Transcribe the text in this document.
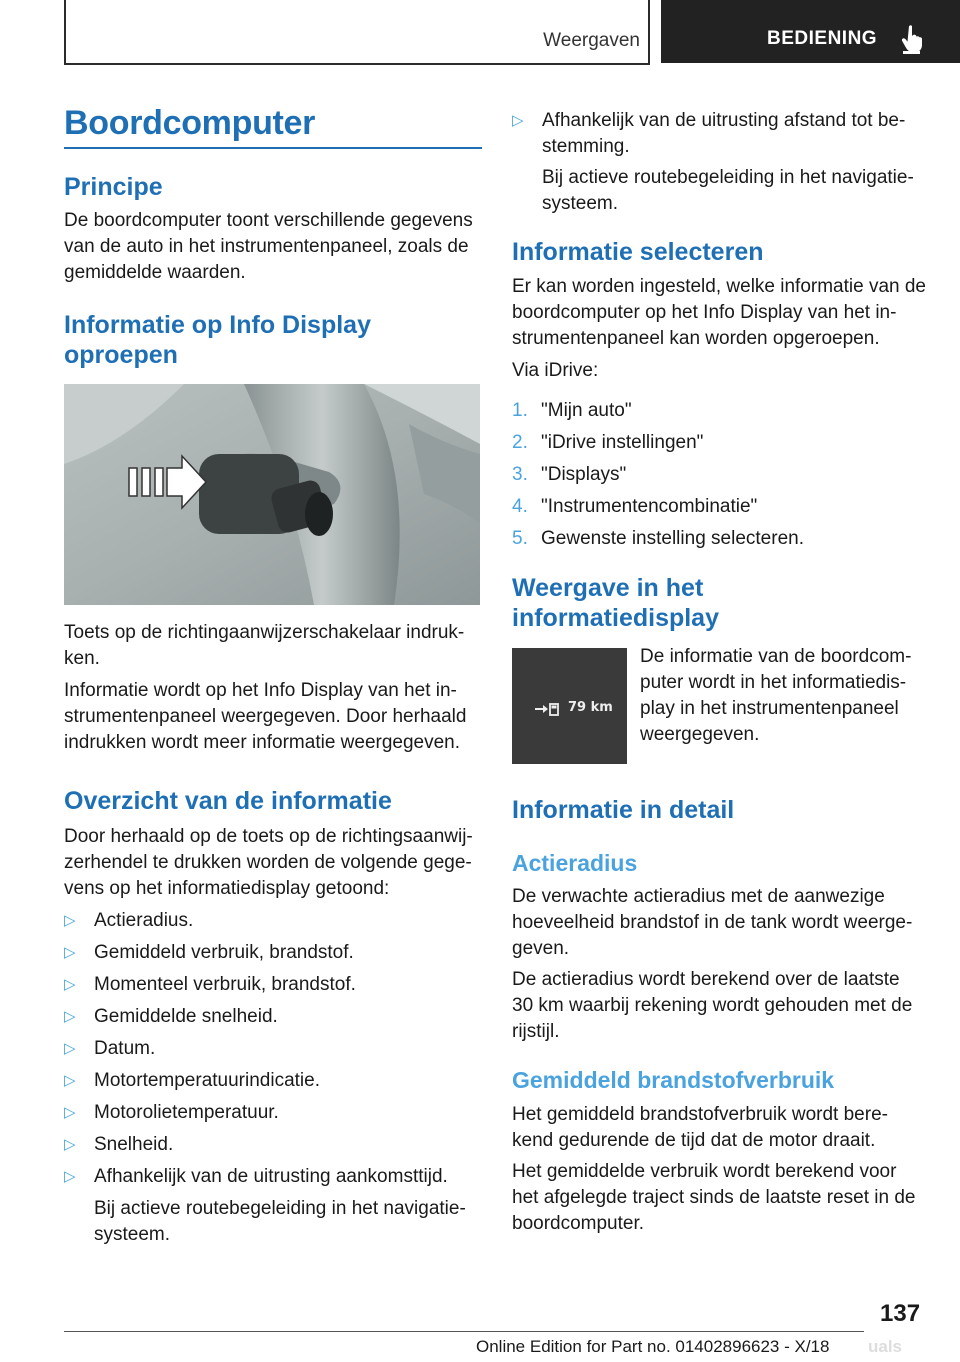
Weergaven	BEDIENING
Boordcomputer
Principe

De boordcomputer toont verschillende gegevens

van de auto in het instrumentenpaneel, zoals de

gemiddelde waarden.

Informatie op Info Display
oproepen

Toets op de richtingaanwijzerschakelaar indruk-

ken.

Informatie wordt op het Info Display van het in-

strumentenpaneel weergegeven. Door herhaald

indrukken wordt meer informatie weergegeven.

Overzicht van de informatie

Door herhaald op de toets op de richtingsaanwij-

zerhendel te drukken worden de volgende gege-

vens op het informatiedisplay getoond:

▷ Actieradius.
▷ Gemiddeld verbruik, brandstof.
▷ Momenteel verbruik, brandstof.
▷ Gemiddelde snelheid.
▷ Datum.
▷ Motortemperatuurindicatie.
▷ Motorolietemperatuur.
▷ Snelheid.
▷ Afhankelijk van de uitrusting aankomsttijd.

Bij actieve routebegeleiding in het navigatie-

systeem.

▷ Afhankelijk van de uitrusting afstand tot be-

stemming.

Bij actieve routebegeleiding in het navigatie-

systeem.

Informatie selecteren

Er kan worden ingesteld, welke informatie van de

boordcomputer op het Info Display van het in-

strumentenpaneel kan worden opgeroepen.

Via iDrive:

1. "Mijn auto"
2. "iDrive instellingen"
3. "Displays"
4. "Instrumentencombinatie"
5. Gewenste instelling selecteren.
Weergave in het
informatiedisplay
79 km

De informatie van de boordcom-

puter wordt in het informatiedis-

play in het instrumentenpaneel

weergegeven.

Informatie in detail
Actieradius

De verwachte actieradius met de aanwezige

hoeveelheid brandstof in de tank wordt weerge-

geven.

De actieradius wordt berekend over de laatste

30 km waarbij rekening wordt gehouden met de

rijstijl.

Gemiddeld brandstofverbruik

Het gemiddeld brandstofverbruik wordt bere-

kend gedurende de tijd dat de motor draait.

Het gemiddelde verbruik wordt berekend voor

het afgelegde traject sinds de laatste reset in de

boordcomputer.

137
Online Edition for Part no. 01402896623 - X/18 uals
